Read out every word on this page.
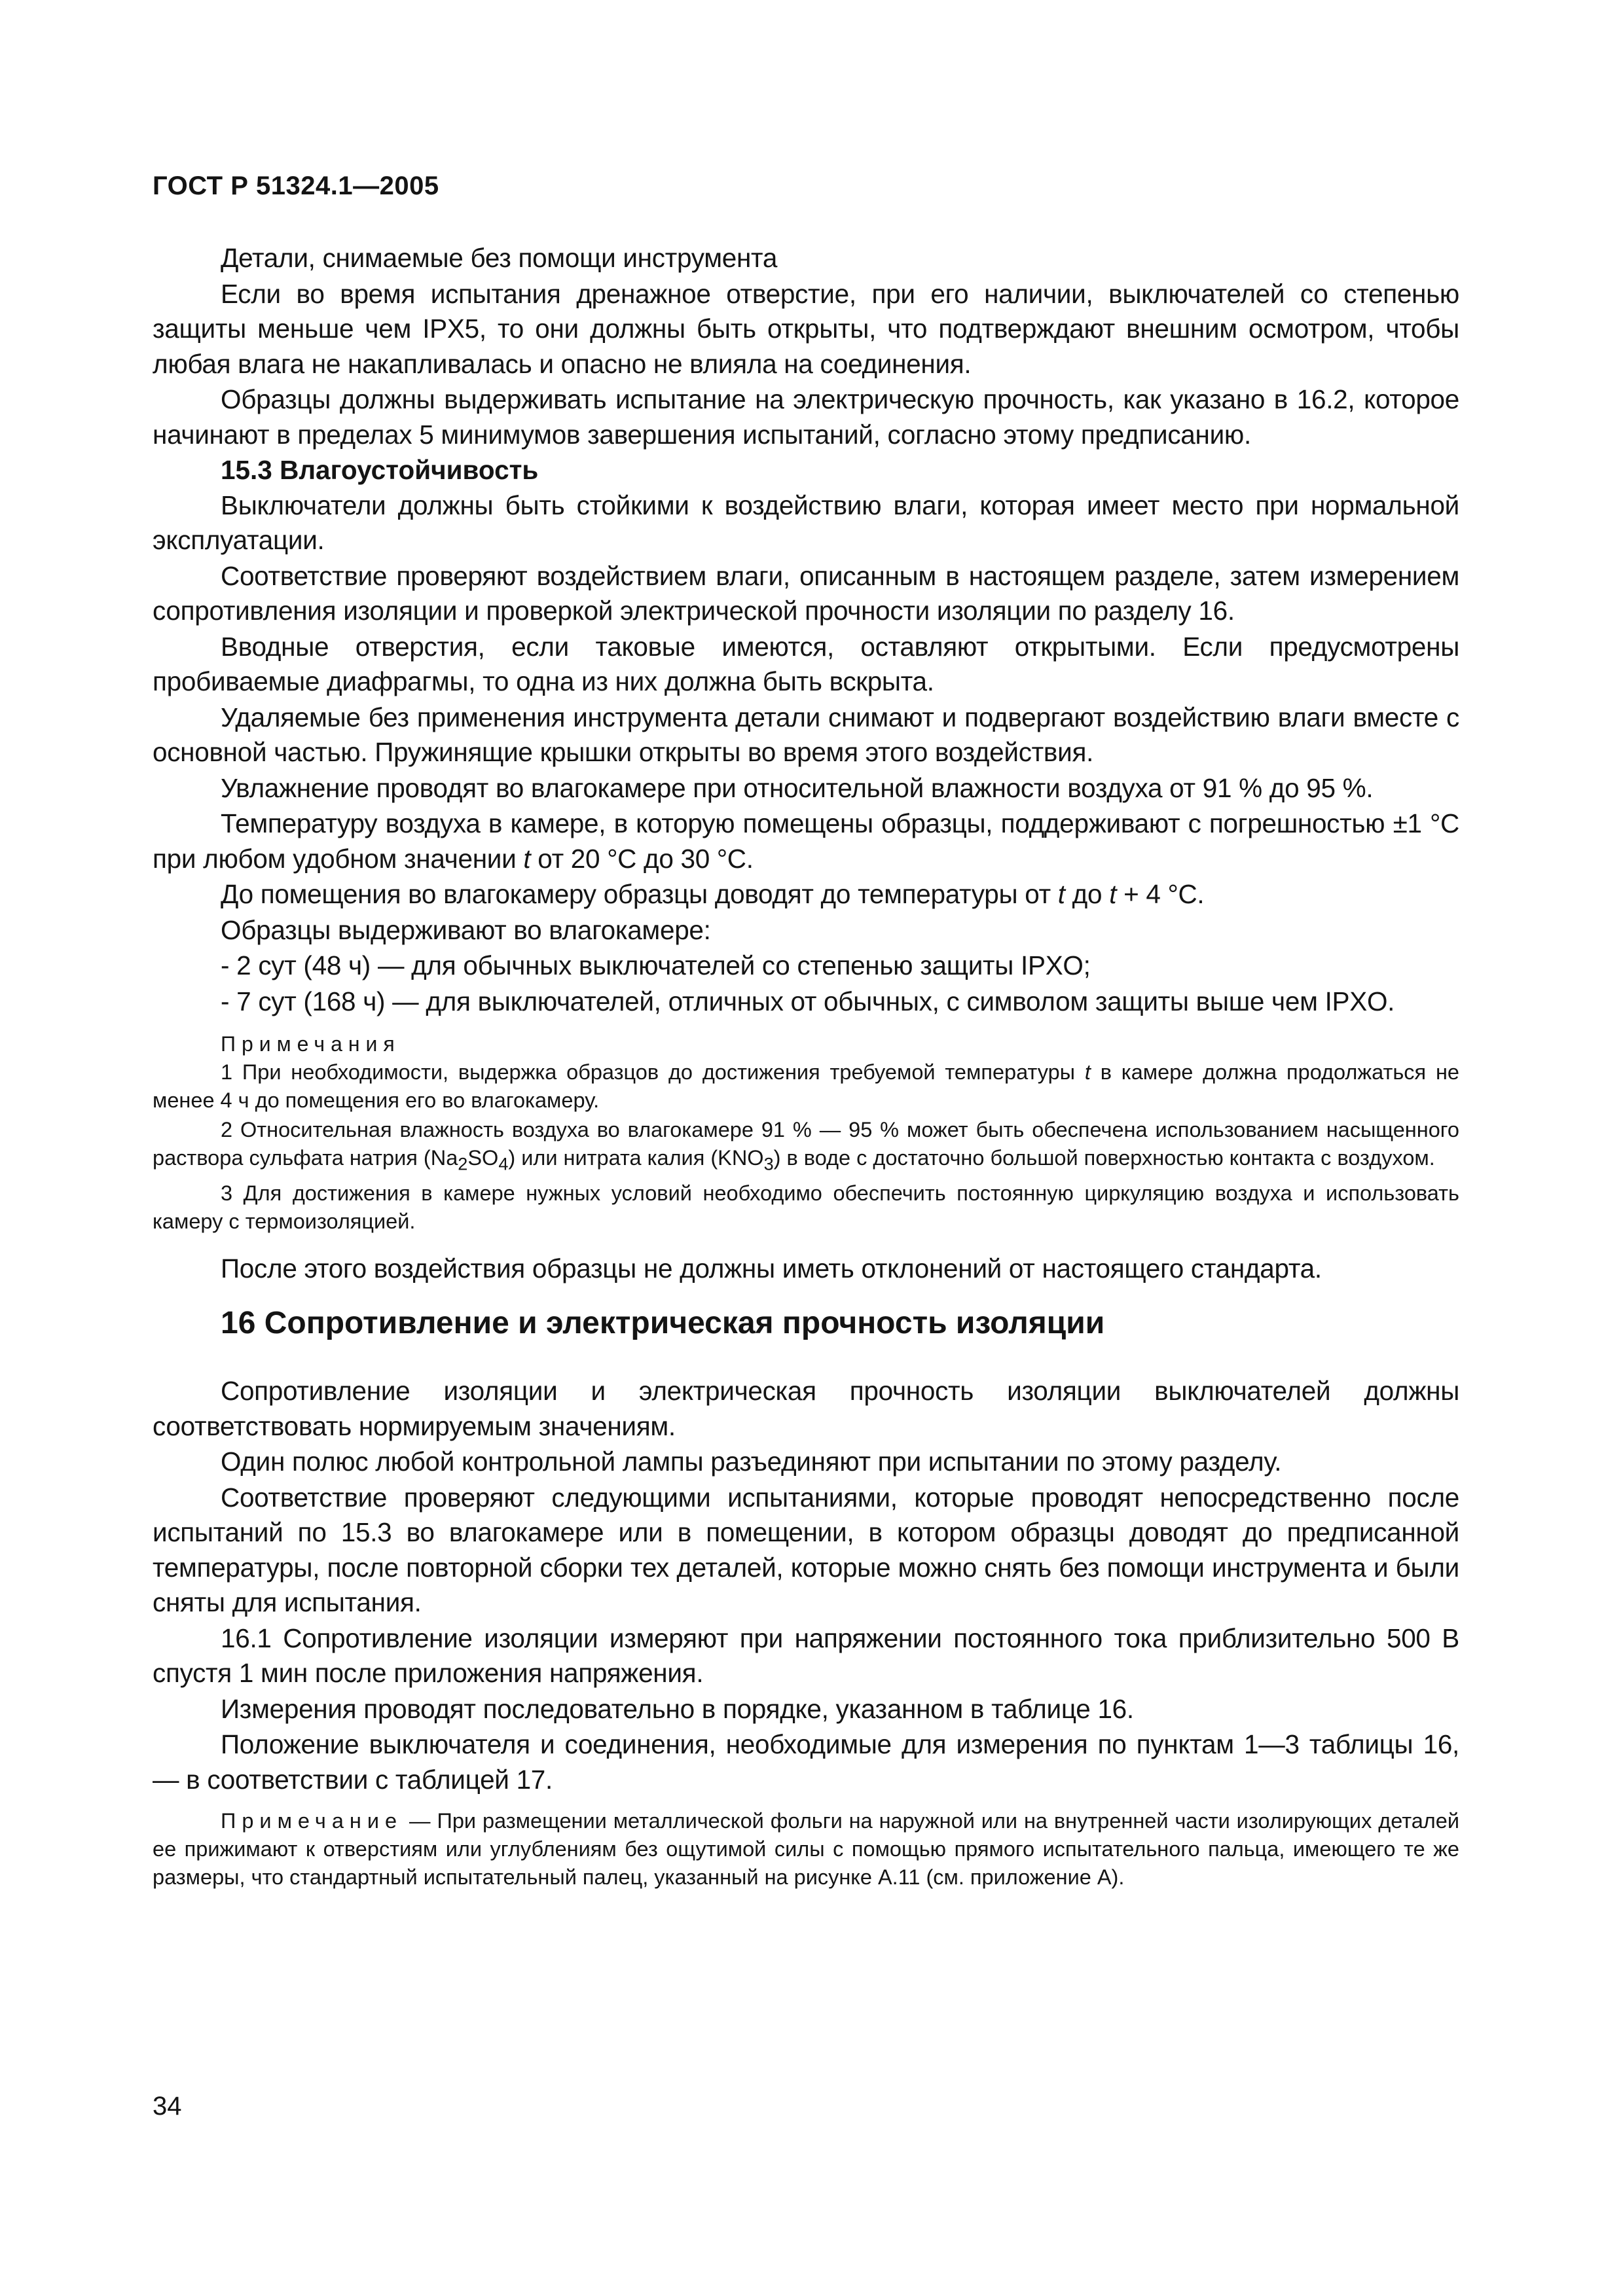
ГОСТ Р 51324.1—2005

Детали, снимаемые без помощи инструмента

Если во время испытания дренажное отверстие, при его наличии, выключателей со степенью защиты меньше чем IPX5, то они должны быть открыты, что подтверждают внешним осмотром, чтобы любая влага не накапливалась и опасно не влияла на соединения.

Образцы должны выдерживать испытание на электрическую прочность, как указано в 16.2, которое начинают в пределах 5 минимумов завершения испытаний, согласно этому предписанию.

15.3 Влагоустойчивость

Выключатели должны быть стойкими к воздействию влаги, которая имеет место при нормальной эксплуатации.

Соответствие проверяют воздействием влаги, описанным в настоящем разделе, затем измерением сопротивления изоляции и проверкой электрической прочности изоляции по разделу 16.

Вводные отверстия, если таковые имеются, оставляют открытыми. Если предусмотрены пробиваемые диафрагмы, то одна из них должна быть вскрыта.

Удаляемые без применения инструмента детали снимают и подвергают воздействию влаги вместе с основной частью. Пружинящие крышки открыты во время этого воздействия.

Увлажнение проводят во влагокамере при относительной влажности воздуха от 91 % до 95 %.

Температуру воздуха в камере, в которую помещены образцы, поддерживают с погрешностью ±1 °С при любом удобном значении t от 20 °С до 30 °С.

До помещения во влагокамеру образцы доводят до температуры от t до t + 4 °С.

Образцы выдерживают во влагокамере:

- 2 сут (48 ч) — для обычных выключателей со степенью защиты IPXO;

- 7 сут (168 ч) — для выключателей, отличных от обычных, с символом защиты выше чем IPXO.

Примечания

1 При необходимости, выдержка образцов до достижения требуемой температуры t в камере должна продолжаться не менее 4 ч до помещения его во влагокамеру.

2 Относительная влажность воздуха во влагокамере 91 % — 95 % может быть обеспечена использованием насыщенного раствора сульфата натрия $(Na_2SO_4)$ или нитрата калия $(KNO_3)$ в воде с достаточно большой поверхностью контакта с воздухом.

3 Для достижения в камере нужных условий необходимо обеспечить постоянную циркуляцию воздуха и использовать камеру с термоизоляцией.

После этого воздействия образцы не должны иметь отклонений от настоящего стандарта.

16 Сопротивление и электрическая прочность изоляции

Сопротивление изоляции и электрическая прочность изоляции выключателей должны соответствовать нормируемым значениям.

Один полюс любой контрольной лампы разъединяют при испытании по этому разделу.

Соответствие проверяют следующими испытаниями, которые проводят непосредственно после испытаний по 15.3 во влагокамере или в помещении, в котором образцы доводят до предписанной температуры, после повторной сборки тех деталей, которые можно снять без помощи инструмента и были сняты для испытания.

16.1 Сопротивление изоляции измеряют при напряжении постоянного тока приблизительно 500 В спустя 1 мин после приложения напряжения.

Измерения проводят последовательно в порядке, указанном в таблице 16.

Положение выключателя и соединения, необходимые для измерения по пунктам 1—3 таблицы 16, — в соответствии с таблицей 17.

Примечание — При размещении металлической фольги на наружной или на внутренней части изолирующих деталей ее прижимают к отверстиям или углублениям без ощутимой силы с помощью прямого испытательного пальца, имеющего те же размеры, что стандартный испытательный палец, указанный на рисунке А.11 (см. приложение А).

34
